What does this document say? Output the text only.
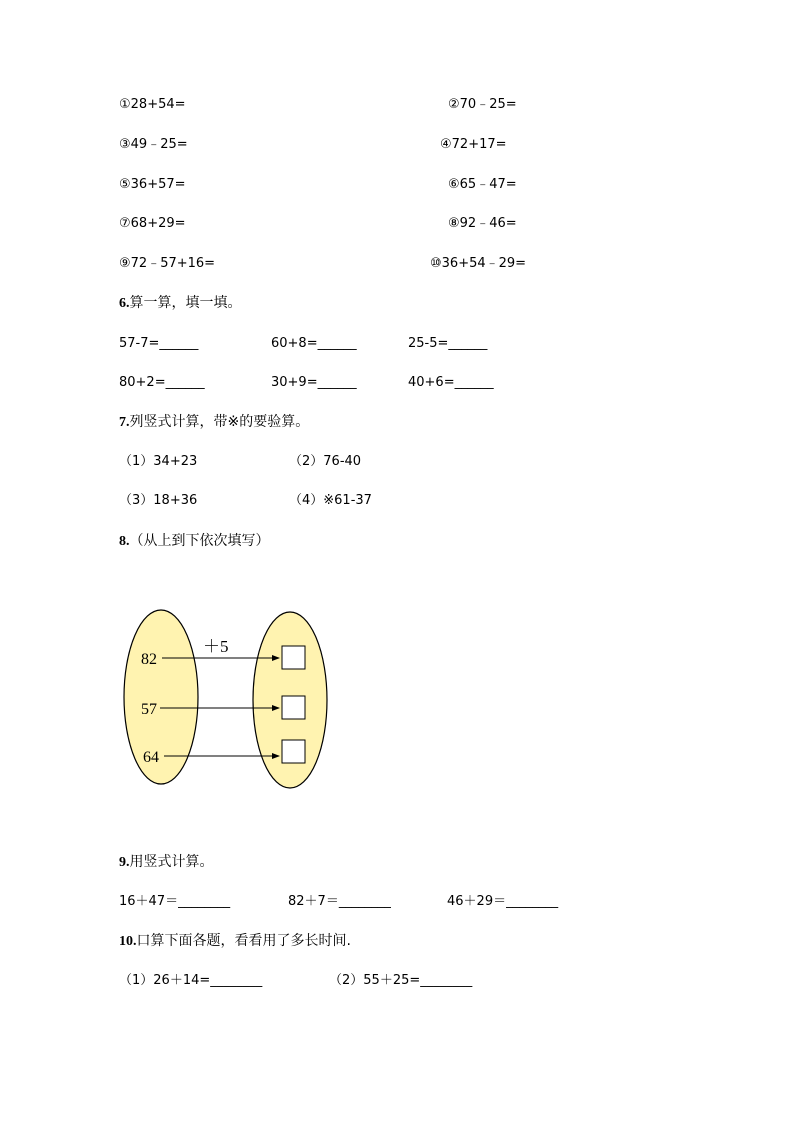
①28+54=	②70﹣25=
③49﹣25=	④72+17=
⑤36+57=	⑥65﹣47=
⑦68+29=	⑧92﹣46=
⑨72﹣57+16=	⑩36+54﹣29=
6.算一算，填一填。
57-7=______	60+8=______	25-5=______
80+2=______	30+9=______	40+6=______
7.列竖式计算，带※的要验算。
（1）34+23	（2）76-40
（3）18+36	（4）※61-37
8.（从上到下依次填写）
＋5
82
57
64
9.用竖式计算。
16＋47＝________	82＋7＝________	46＋29＝________
10.口算下面各题，看看用了多长时间.
（1）26＋14=________	（2）55＋25=________
